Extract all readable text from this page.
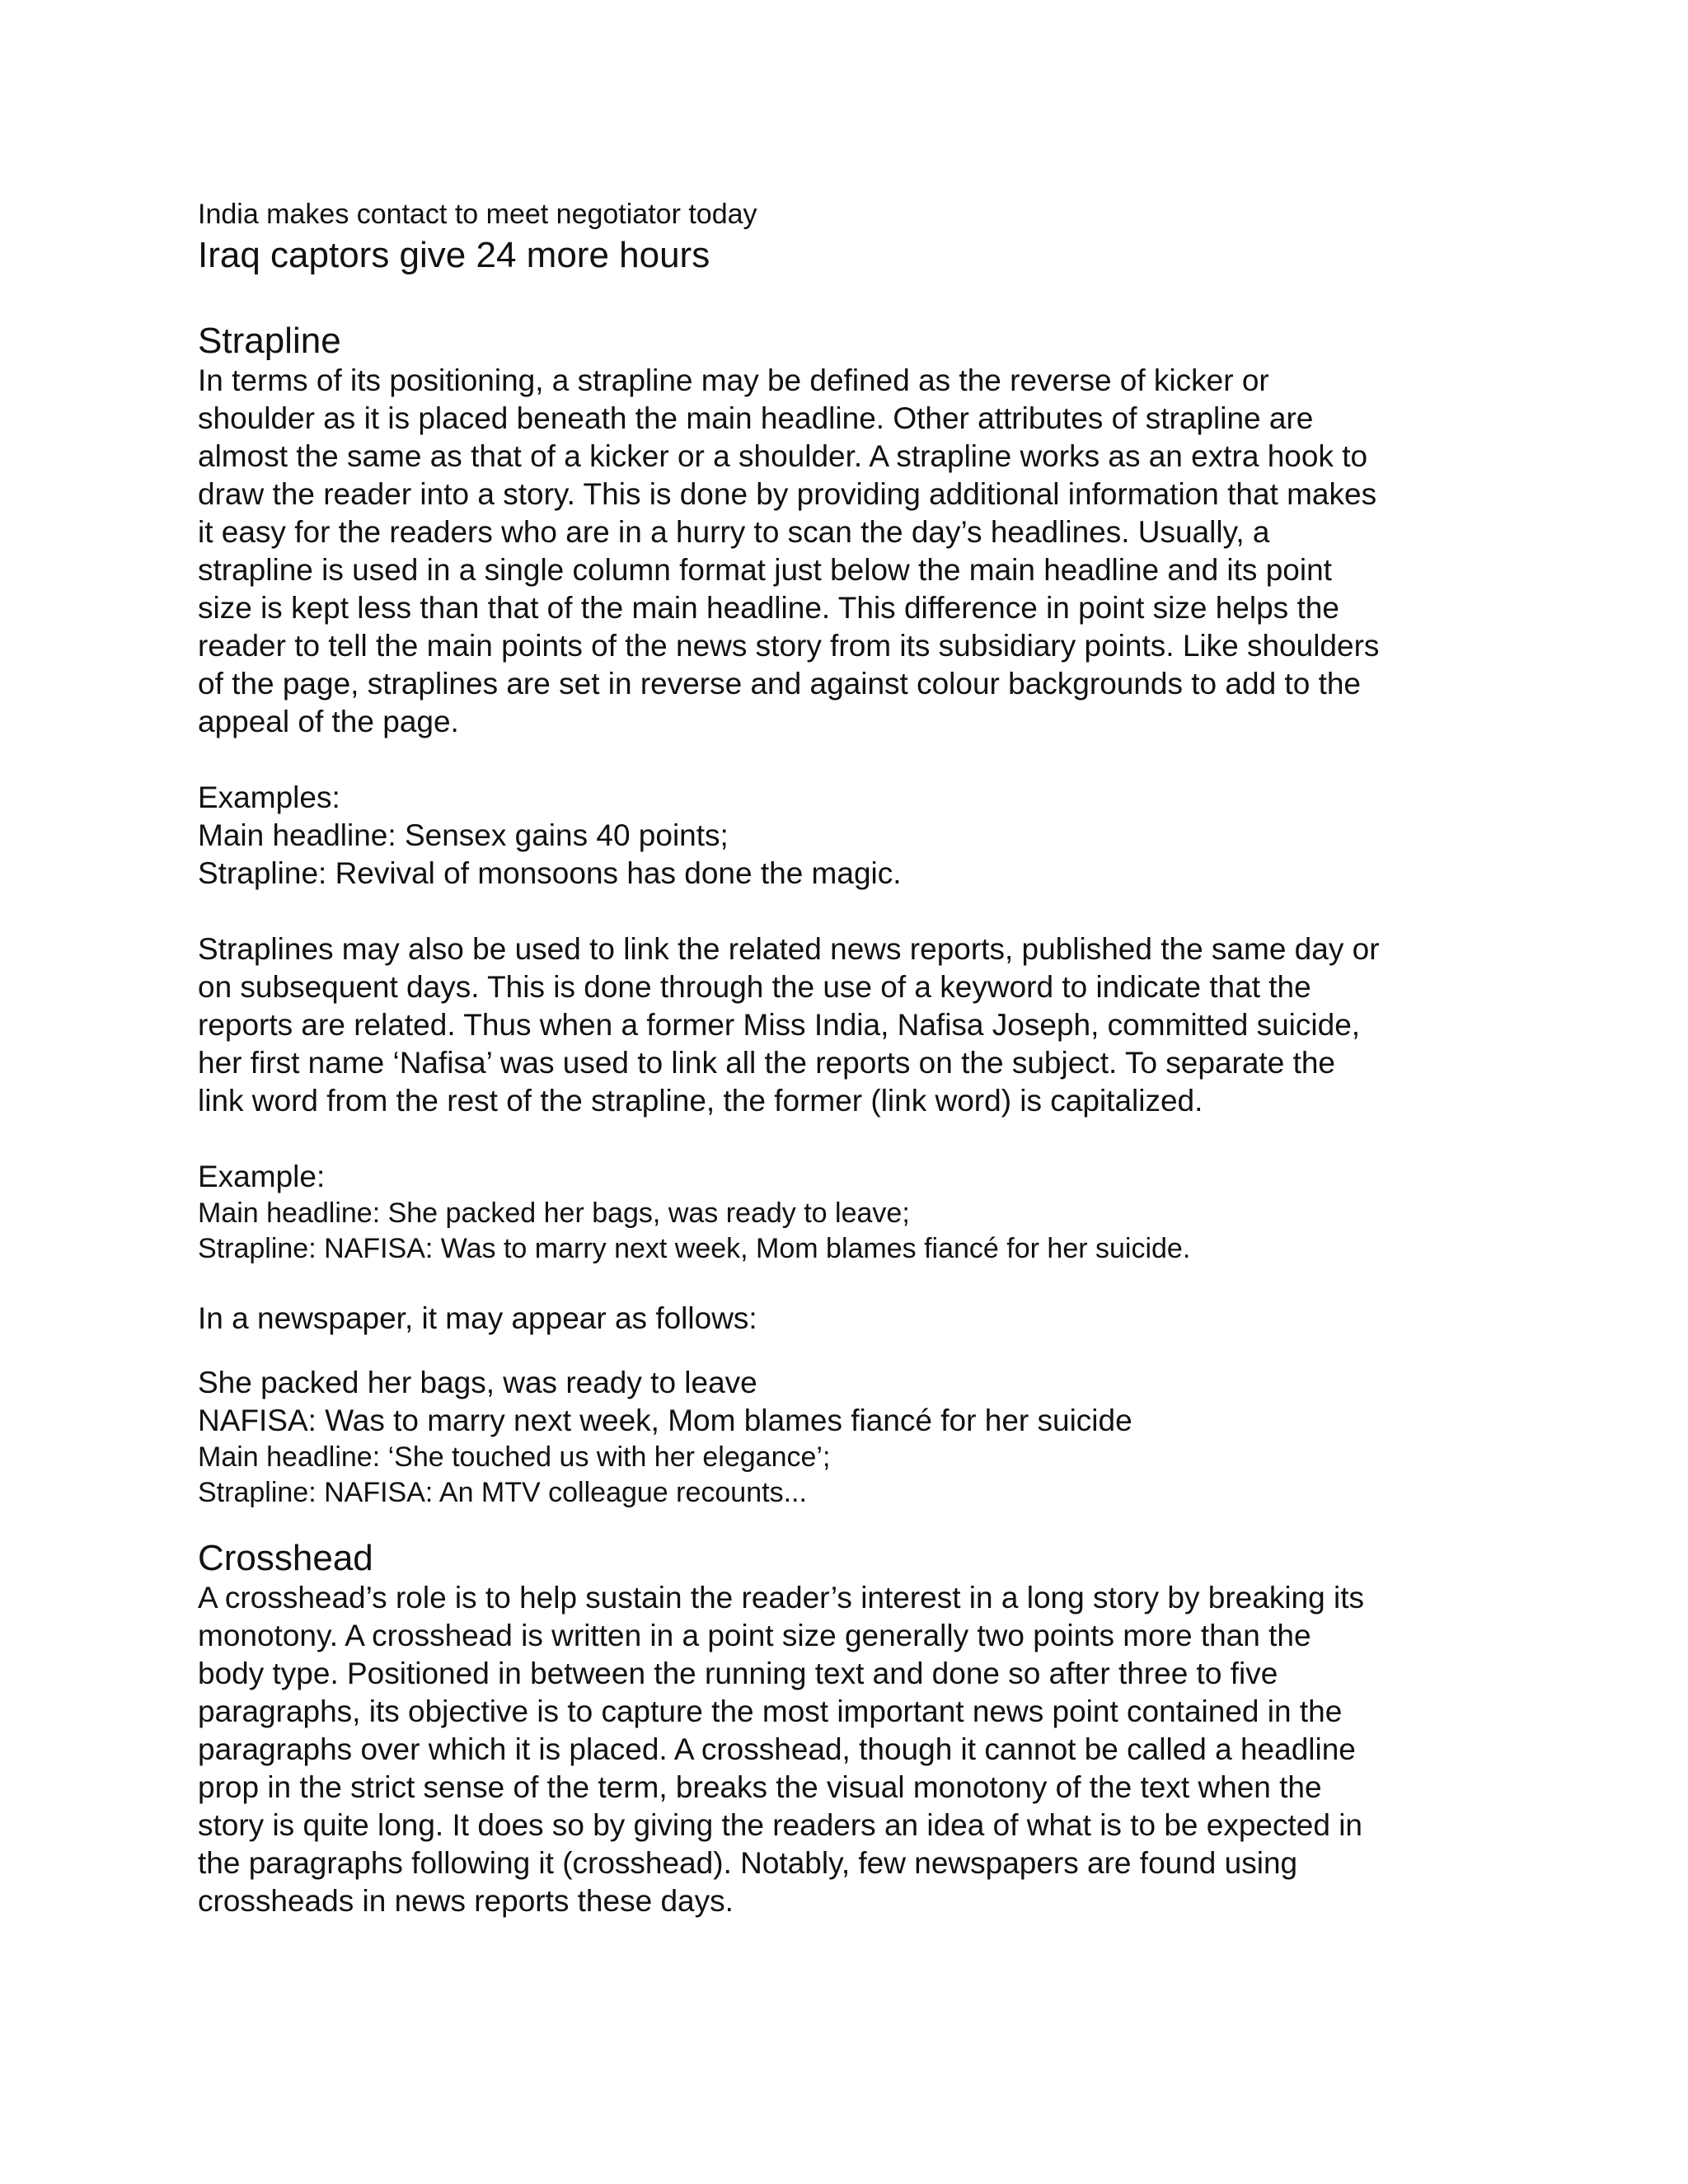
India makes contact to meet negotiator today
Iraq captors give 24 more hours
Strapline
In terms of its positioning, a strapline may be defined as the reverse of kicker or
shoulder as it is placed beneath the main headline. Other attributes of strapline are
almost the same as that of a kicker or a shoulder. A strapline works as an extra hook to
draw the reader into a story. This is done by providing additional information that makes
it easy for the readers who are in a hurry to scan the day’s headlines. Usually, a
strapline is used in a single column format just below the main headline and its point
size is kept less than that of the main headline. This difference in point size helps the
reader to tell the main points of the news story from its subsidiary points. Like shoulders
of the page, straplines are set in reverse and against colour backgrounds to add to the
appeal of the page.
Examples:
Main headline: Sensex gains 40 points;
Strapline: Revival of monsoons has done the magic.
Straplines may also be used to link the related news reports, published the same day or
on subsequent days. This is done through the use of a keyword to indicate that the
reports are related. Thus when a former Miss India, Nafisa Joseph, committed suicide,
her first name ‘Nafisa’ was used to link all the reports on the subject. To separate the
link word from the rest of the strapline, the former (link word) is capitalized.
Example:
Main headline: She packed her bags, was ready to leave;
Strapline: NAFISA: Was to marry next week, Mom blames fiancé for her suicide.
In a newspaper, it may appear as follows:
She packed her bags, was ready to leave
NAFISA: Was to marry next week, Mom blames fiancé for her suicide
Main headline: ‘She touched us with her elegance’;
Strapline: NAFISA: An MTV colleague recounts...
Crosshead
A crosshead’s role is to help sustain the reader’s interest in a long story by breaking its
monotony. A crosshead is written in a point size generally two points more than the
body type. Positioned in between the running text and done so after three to five
paragraphs, its objective is to capture the most important news point contained in the
paragraphs over which it is placed. A crosshead, though it cannot be called a headline
prop in the strict sense of the term, breaks the visual monotony of the text when the
story is quite long. It does so by giving the readers an idea of what is to be expected in
the paragraphs following it (crosshead). Notably, few newspapers are found using
crossheads in news reports these days.
